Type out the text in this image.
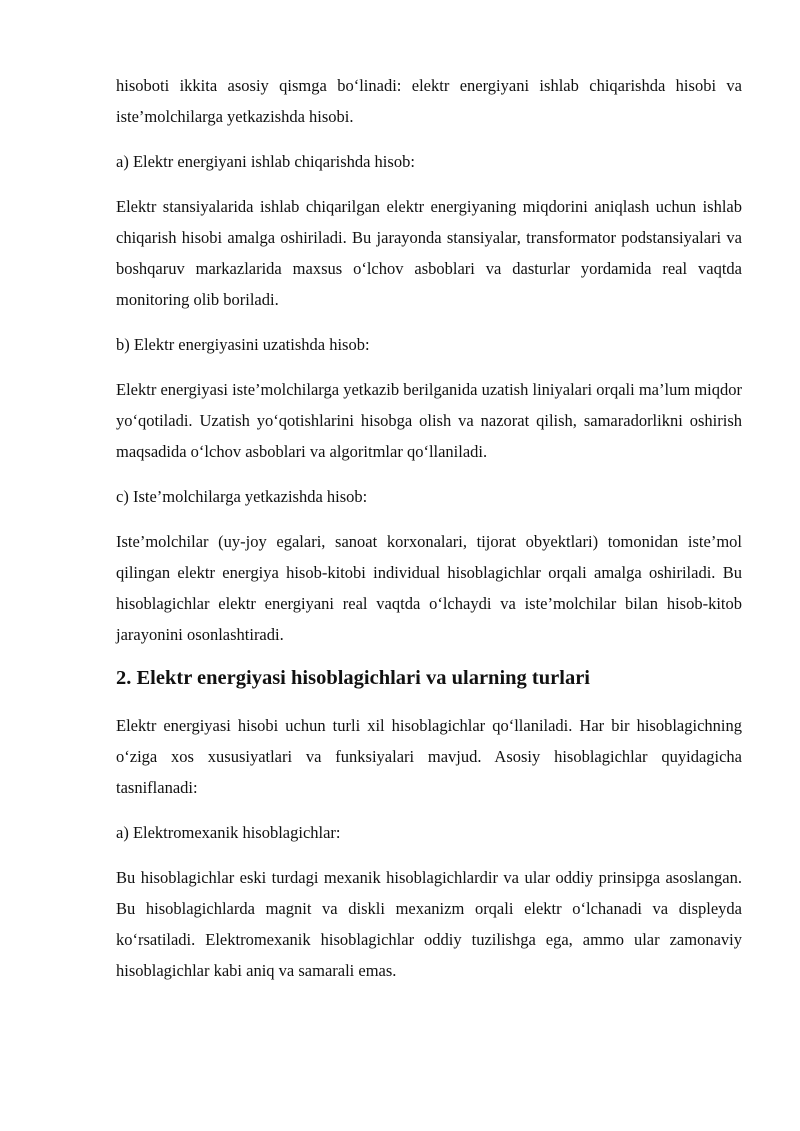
hisoboti ikkita asosiy qismga bo‘linadi: elektr energiyani ishlab chiqarishda hisobi va iste’molchilarga yetkazishda hisobi.

a) Elektr energiyani ishlab chiqarishda hisob:

Elektr stansiyalarida ishlab chiqarilgan elektr energiyaning miqdorini aniqlash uchun ishlab chiqarish hisobi amalga oshiriladi. Bu jarayonda stansiyalar, transformator podstansiyalari va boshqaruv markazlarida maxsus o‘lchov asboblari va dasturlar yordamida real vaqtda monitoring olib boriladi.

b) Elektr energiyasini uzatishda hisob:

Elektr energiyasi iste’molchilarga yetkazib berilganida uzatish liniyalari orqali ma’lum miqdor yo‘qotiladi. Uzatish yo‘qotishlarini hisobga olish va nazorat qilish, samaradorlikni oshirish maqsadida o‘lchov asboblari va algoritmlar qo‘llaniladi.

c) Iste’molchilarga yetkazishda hisob:

Iste’molchilar (uy-joy egalari, sanoat korxonalari, tijorat obyektlari) tomonidan iste’mol qilingan elektr energiya hisob-kitobi individual hisoblagichlar orqali amalga oshiriladi. Bu hisoblagichlar elektr energiyani real vaqtda o‘lchaydi va iste’molchilar bilan hisob-kitob jarayonini osonlashtiradi.

2. Elektr energiyasi hisoblagichlari va ularning turlari

Elektr energiyasi hisobi uchun turli xil hisoblagichlar qo‘llaniladi. Har bir hisoblagichning o‘ziga xos xususiyatlari va funksiyalari mavjud. Asosiy hisoblagichlar quyidagicha tasniflanadi:

a) Elektromexanik hisoblagichlar:

Bu hisoblagichlar eski turdagi mexanik hisoblagichlardir va ular oddiy prinsipga asoslangan. Bu hisoblagichlarda magnit va diskli mexanizm orqali elektr o‘lchanadi va displeyda ko‘rsatiladi. Elektromexanik hisoblagichlar oddiy tuzilishga ega, ammo ular zamonaviy hisoblagichlar kabi aniq va samarali emas.
